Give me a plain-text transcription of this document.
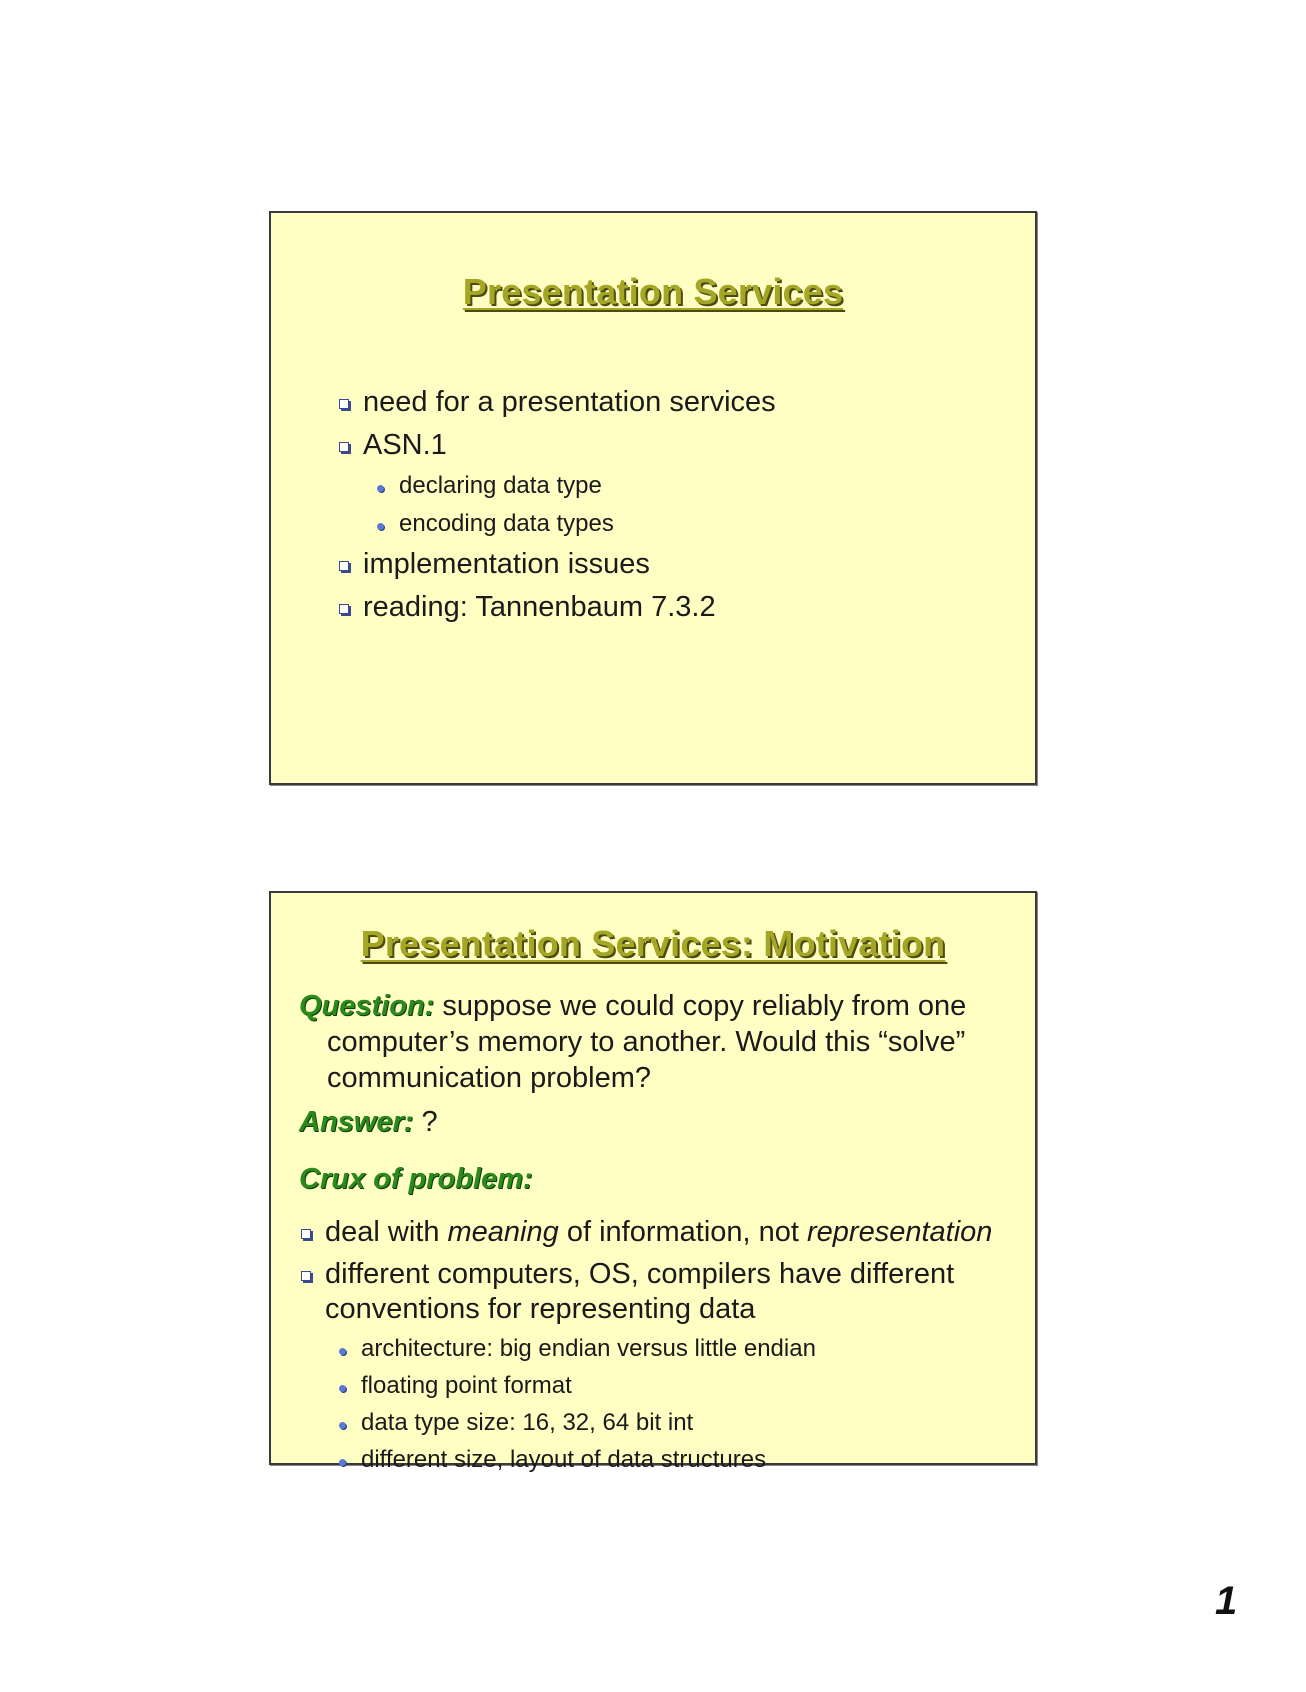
Presentation Services
need for a presentation services
ASN.1
declaring data type
encoding data types
implementation issues
reading: Tannenbaum 7.3.2
Presentation Services: Motivation
Question: suppose we could copy reliably from one
computer’s memory to another. Would this “solve”
communication problem?
Answer: ?
Crux of problem:
deal with meaning of information, not representation
different computers, OS, compilers have different
conventions for representing data
architecture: big endian versus little endian
floating point format
data type size: 16, 32, 64 bit int
different size, layout of data structures
1
